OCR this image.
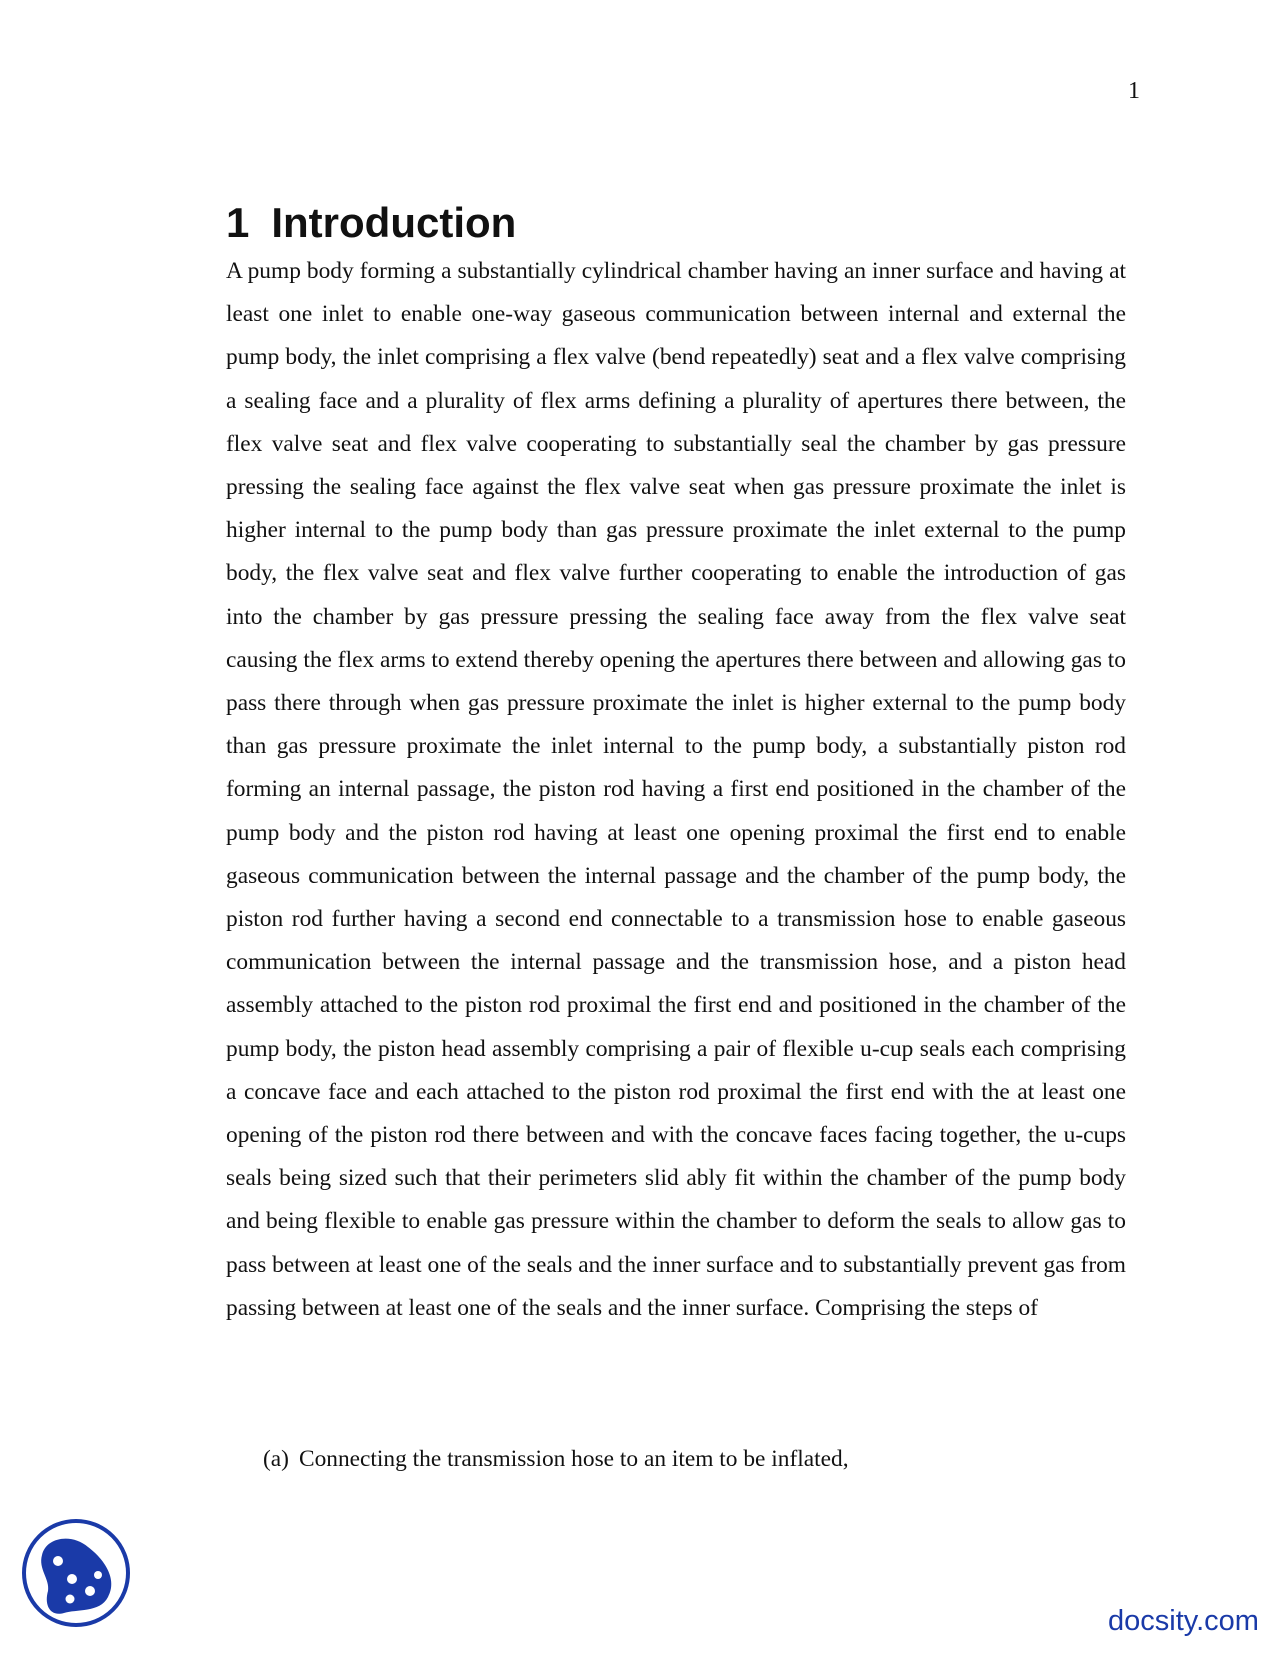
1
1 Introduction

A pump body forming a substantially cylindrical chamber having an inner surface and having at least one inlet to enable one-way gaseous communication between internal and external the pump body, the inlet comprising a flex valve (bend repeatedly) seat and a flex valve comprising a sealing face and a plurality of flex arms defining a plurality of apertures there between, the flex valve seat and flex valve cooperating to substantially seal the chamber by gas pressure pressing the sealing face against the flex valve seat when gas pressure proximate the inlet is higher internal to the pump body than gas pressure proximate the inlet external to the pump body, the flex valve seat and flex valve further cooperating to enable the introduction of gas into the chamber by gas pressure pressing the sealing face away from the flex valve seat causing the flex arms to extend thereby opening the apertures there between and allowing gas to pass there through when gas pressure proximate the inlet is higher external to the pump body than gas pressure proximate the inlet internal to the pump body, a substantially piston rod forming an internal passage, the piston rod having a first end positioned in the chamber of the pump body and the piston rod having at least one opening proximal the first end to enable gaseous communication between the internal passage and the chamber of the pump body, the piston rod further having a second end connectable to a transmission hose to enable gaseous communication between the internal passage and the transmission hose, and a piston head assembly attached to the piston rod proximal the first end and positioned in the chamber of the pump body, the piston head assembly comprising a pair of flexible u-cup seals each comprising a concave face and each attached to the piston rod proximal the first end with the at least one opening of the piston rod there between and with the concave faces facing together, the u-cups seals being sized such that their perimeters slid ably fit within the chamber of the pump body and being flexible to enable gas pressure within the chamber to deform the seals to allow gas to pass between at least one of the seals and the inner surface and to substantially prevent gas from passing between at least one of the seals and the inner surface. Comprising the steps of

(a) Connecting the transmission hose to an item to be inflated,
docsity.com
